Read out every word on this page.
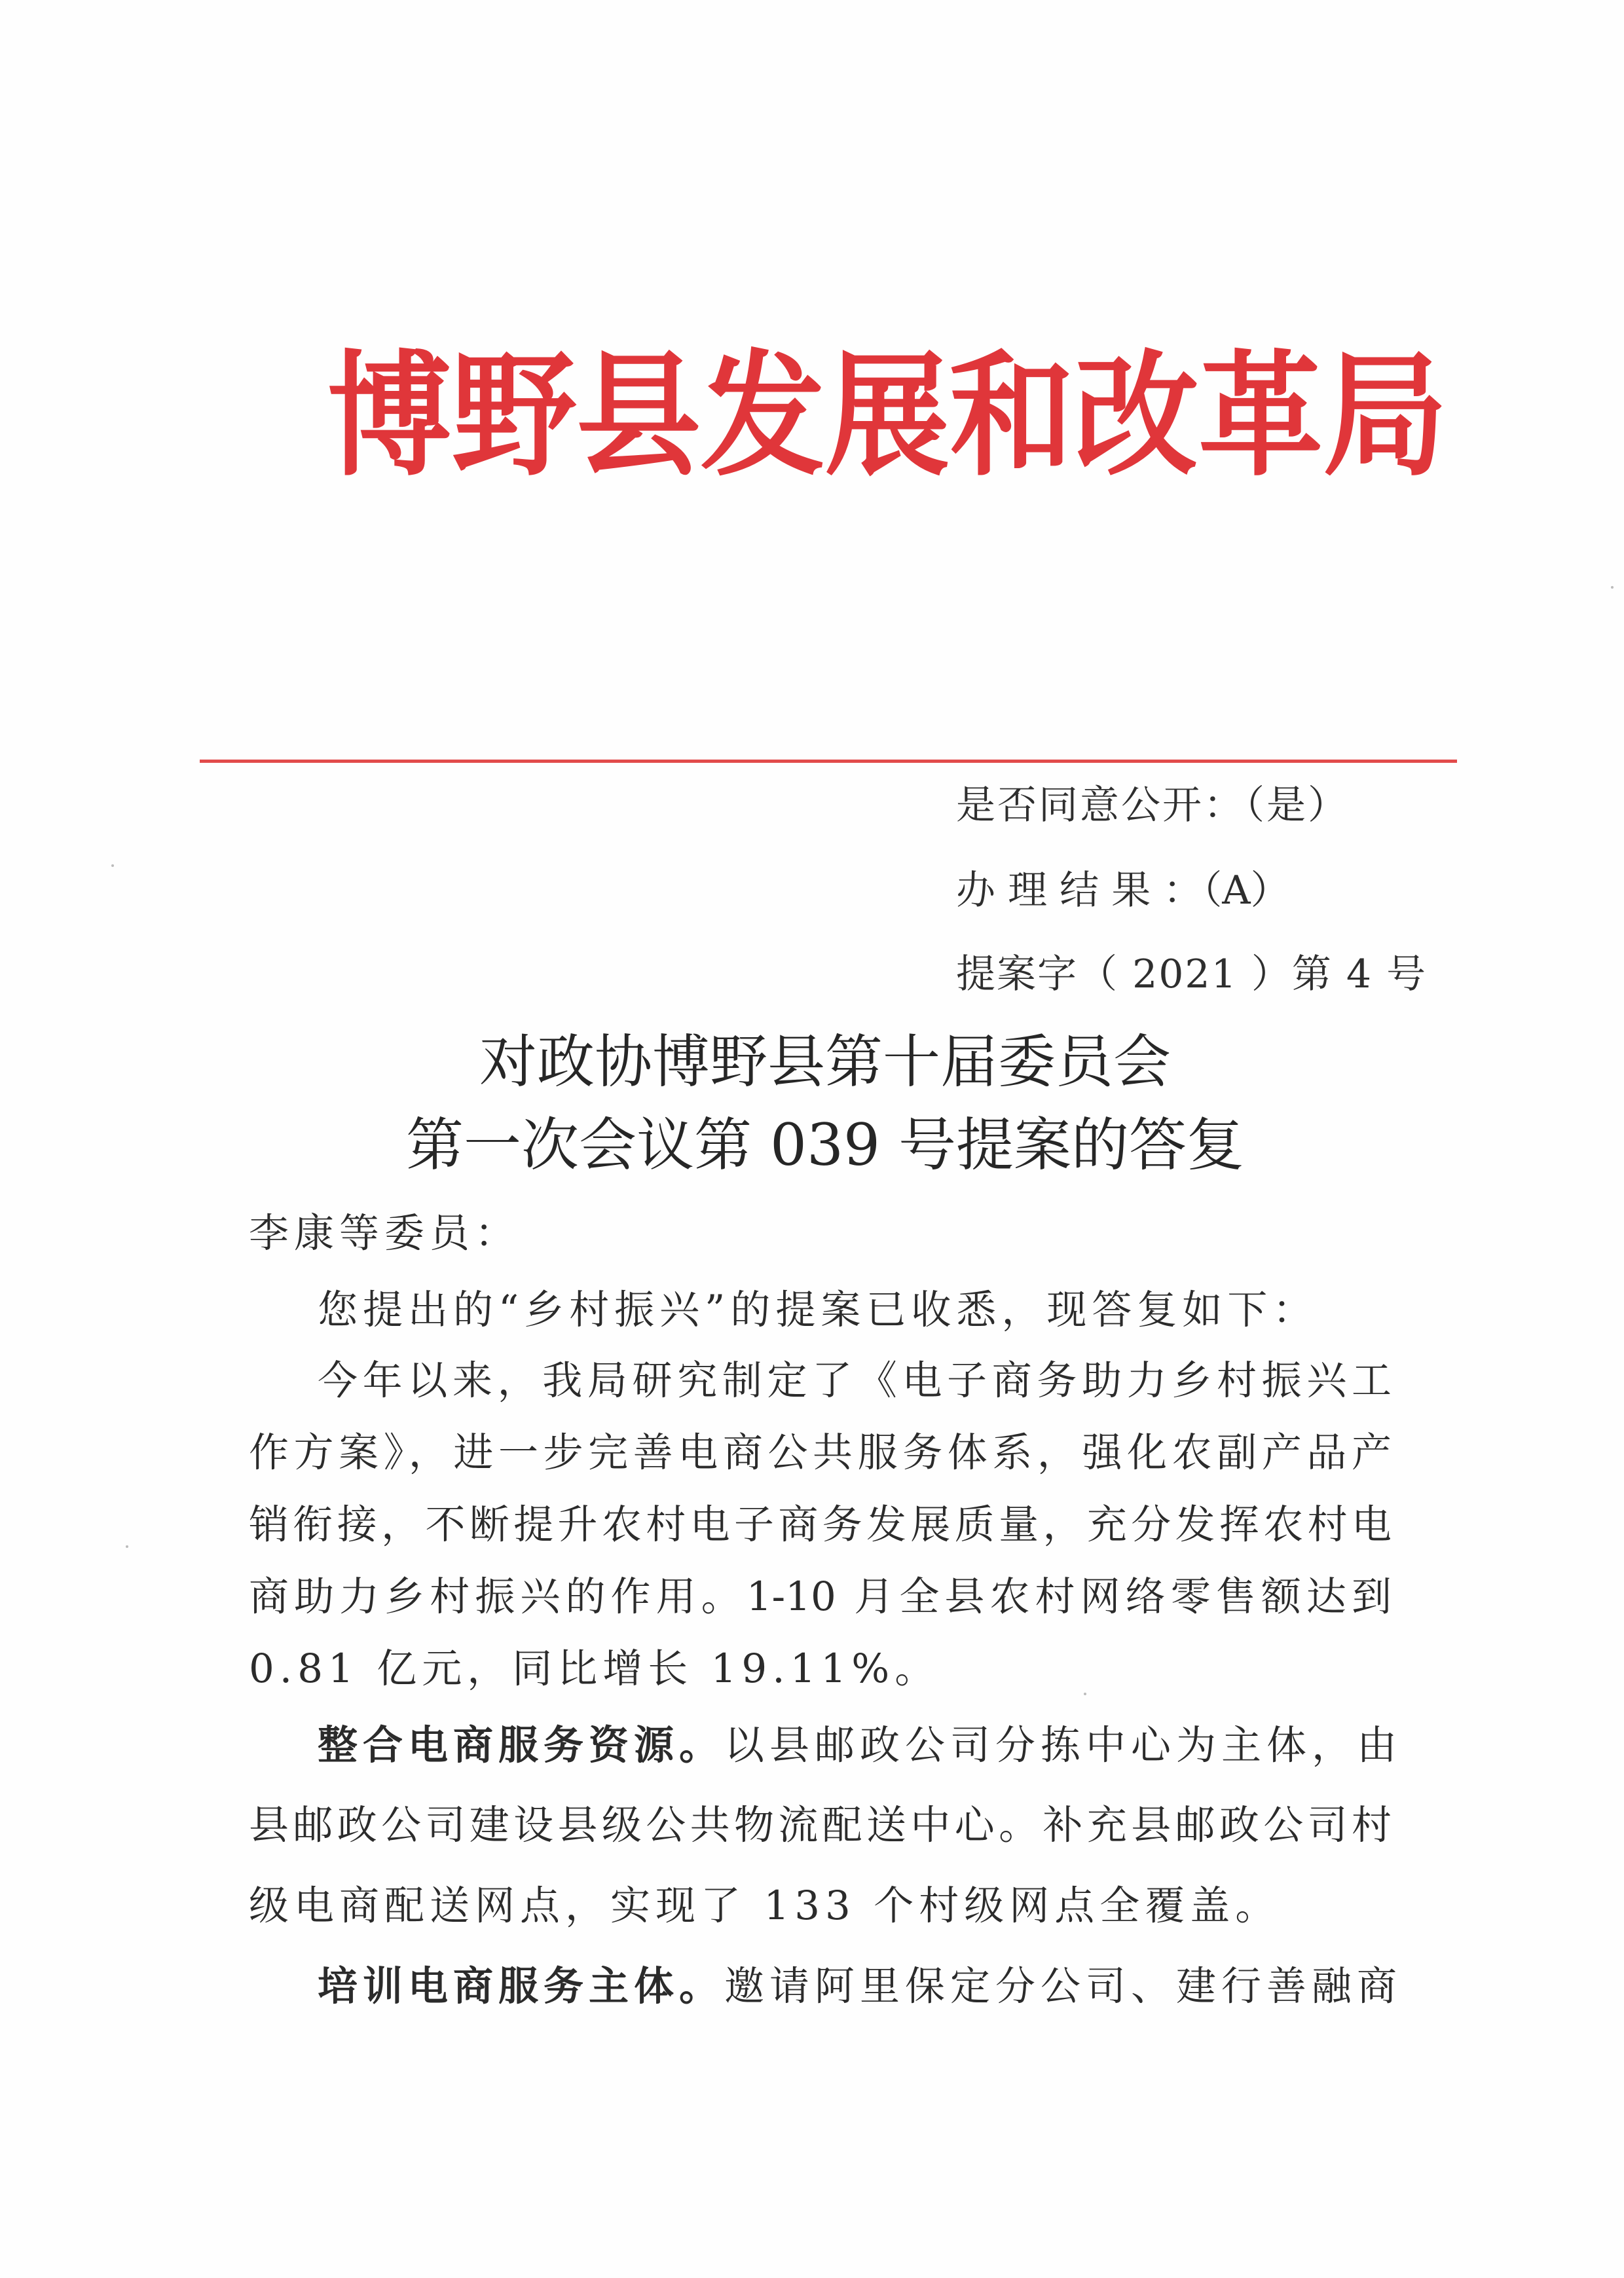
博 野 县 发 展 和 改 革 局
是否同意公开：（是）
办 理 结 果 ：（A）
提案字（ 2021 ）第 4 号
对政协博野县第十届委员会
第一次会议第 039 号提案的答复
李康等委员：
您提出的“乡村振兴”的提案已收悉，现答复如下：
今年以来，我局研究制定了《电子商务助力乡村振兴工
作方案》，进一步完善电商公共服务体系，强化农副产品产
销衔接，不断提升农村电子商务发展质量，充分发挥农村电
商助力乡村振兴的作用。1-10 月全县农村网络零售额达到
0.81 亿元，同比增长 19.11%。
整合电商服务资源。以县邮政公司分拣中心为主体，由
县邮政公司建设县级公共物流配送中心。补充县邮政公司村
级电商配送网点，实现了 133 个村级网点全覆盖。
培训电商服务主体。邀请阿里保定分公司、建行善融商
